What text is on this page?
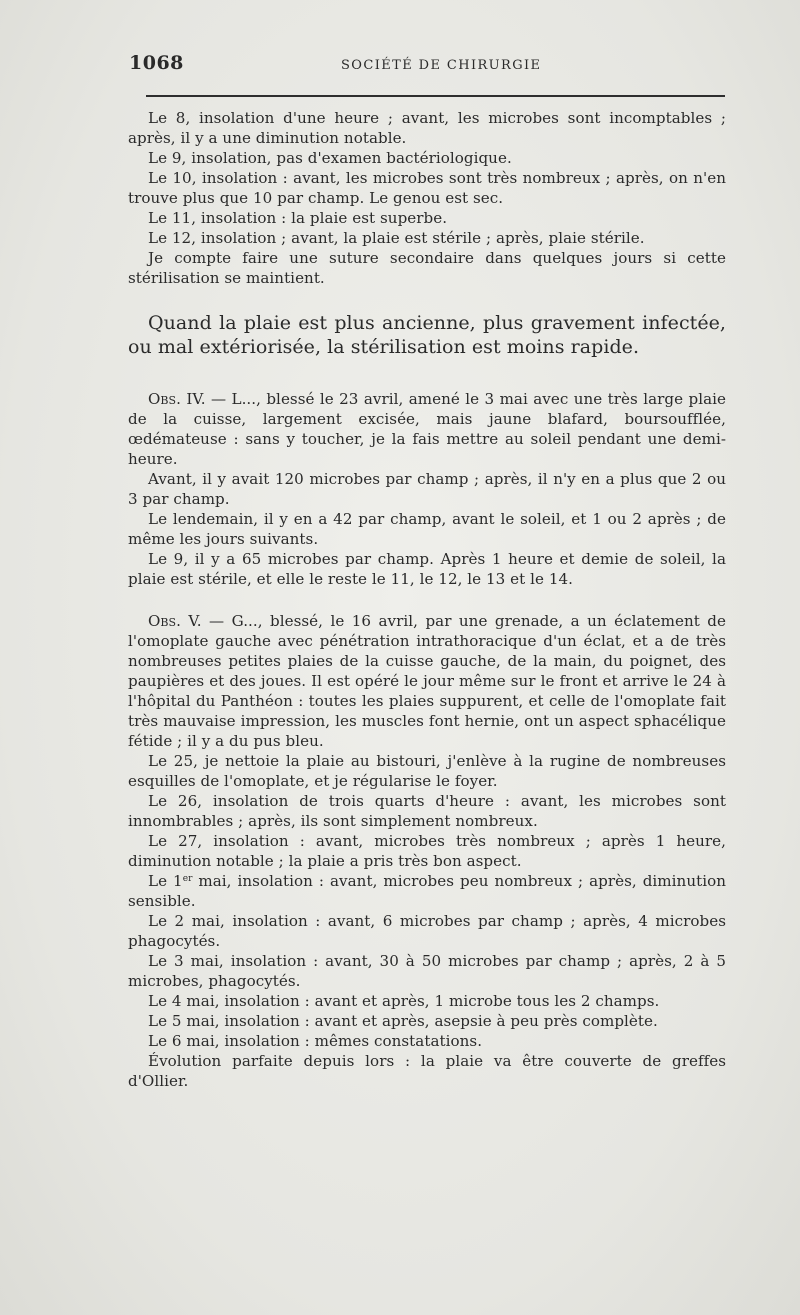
1068	SOCIÉTÉ DE CHIRURGIE

Le 8, insolation d'une heure ; avant, les microbes sont incomptables ; après, il y a une diminution notable.

Le 9, insolation, pas d'examen bactériologique.

Le 10, insolation : avant, les microbes sont très nombreux ; après, on n'en trouve plus que 10 par champ. Le genou est sec.

Le 11, insolation : la plaie est superbe.

Le 12, insolation ; avant, la plaie est stérile ; après, plaie stérile.

Je compte faire une suture secondaire dans quelques jours si cette stérilisation se maintient.

Quand la plaie est plus ancienne, plus gravement infectée, ou mal extériorisée, la stérilisation est moins rapide.

Obs. IV. — L..., blessé le 23 avril, amené le 3 mai avec une très large plaie de la cuisse, largement excisée, mais jaune blafard, boursoufflée, œdémateuse : sans y toucher, je la fais mettre au soleil pendant une demi-heure.

Avant, il y avait 120 microbes par champ ; après, il n'y en a plus que 2 ou 3 par champ.

Le lendemain, il y en a 42 par champ, avant le soleil, et 1 ou 2 après ; de même les jours suivants.

Le 9, il y a 65 microbes par champ. Après 1 heure et demie de soleil, la plaie est stérile, et elle le reste le 11, le 12, le 13 et le 14.

Obs. V. — G..., blessé, le 16 avril, par une grenade, a un éclatement de l'omoplate gauche avec pénétration intrathoracique d'un éclat, et a de très nombreuses petites plaies de la cuisse gauche, de la main, du poignet, des paupières et des joues. Il est opéré le jour même sur le front et arrive le 24 à l'hôpital du Panthéon : toutes les plaies suppurent, et celle de l'omoplate fait très mauvaise impression, les muscles font hernie, ont un aspect sphacélique fétide ; il y a du pus bleu.

Le 25, je nettoie la plaie au bistouri, j'enlève à la rugine de nombreuses esquilles de l'omoplate, et je régularise le foyer.

Le 26, insolation de trois quarts d'heure : avant, les microbes sont innombrables ; après, ils sont simplement nombreux.

Le 27, insolation : avant, microbes très nombreux ; après 1 heure, diminution notable ; la plaie a pris très bon aspect.

Le 1er mai, insolation : avant, microbes peu nombreux ; après, diminution sensible.

Le 2 mai, insolation : avant, 6 microbes par champ ; après, 4 microbes phagocytés.

Le 3 mai, insolation : avant, 30 à 50 microbes par champ ; après, 2 à 5 microbes, phagocytés.

Le 4 mai, insolation : avant et après, 1 microbe tous les 2 champs.

Le 5 mai, insolation : avant et après, asepsie à peu près complète.

Le 6 mai, insolation : mêmes constatations.

Évolution parfaite depuis lors : la plaie va être couverte de greffes d'Ollier.
